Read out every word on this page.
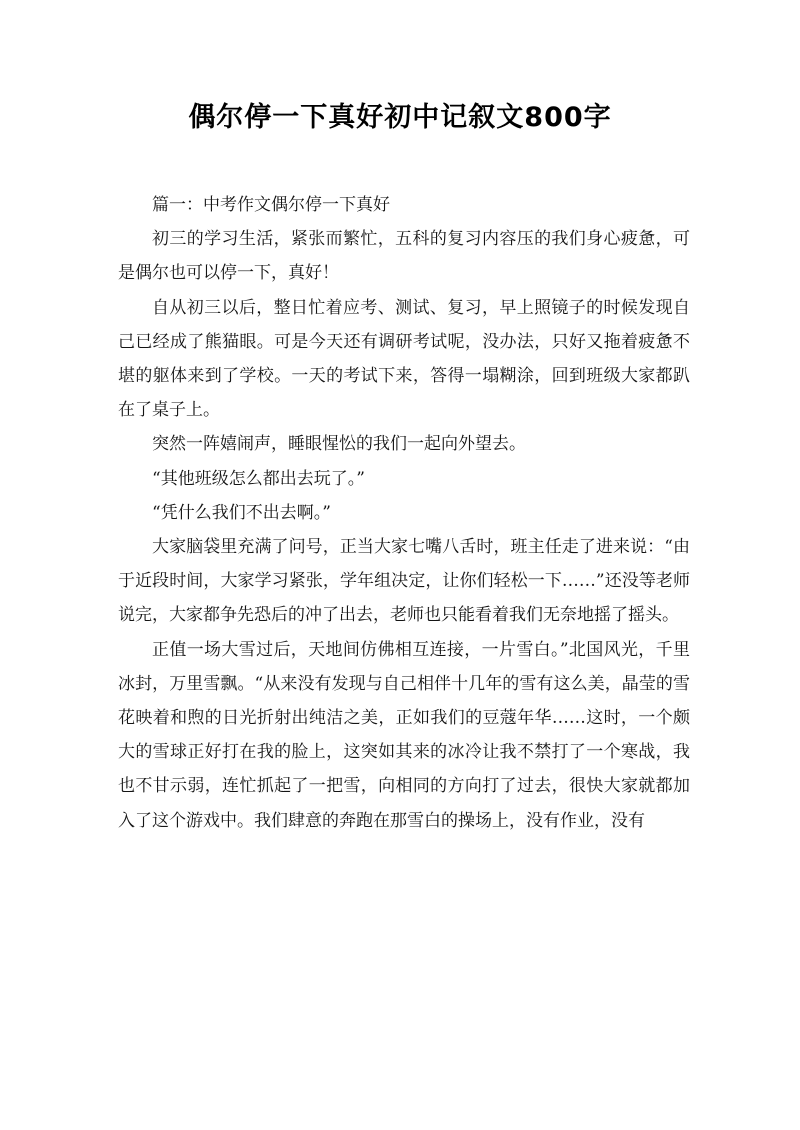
偶尔停一下真好初中记叙文800字

篇一：中考作文偶尔停一下真好

初三的学习生活，紧张而繁忙，五科的复习内容压的我们身心疲惫，可是偶尔也可以停一下，真好！

自从初三以后，整日忙着应考、测试、复习，早上照镜子的时候发现自己已经成了熊猫眼。可是今天还有调研考试呢，没办法，只好又拖着疲惫不堪的躯体来到了学校。一天的考试下来，答得一塌糊涂，回到班级大家都趴在了桌子上。

突然一阵嬉闹声，睡眼惺忪的我们一起向外望去。

“其他班级怎么都出去玩了。”

“凭什么我们不出去啊。”

大家脑袋里充满了问号，正当大家七嘴八舌时，班主任走了进来说：“由于近段时间，大家学习紧张，学年组决定，让你们轻松一下……”还没等老师说完，大家都争先恐后的冲了出去，老师也只能看着我们无奈地摇了摇头。

正值一场大雪过后，天地间仿佛相互连接，一片雪白。”北国风光，千里冰封，万里雪飘。“从来没有发现与自己相伴十几年的雪有这么美，晶莹的雪花映着和煦的日光折射出纯洁之美，正如我们的豆蔻年华……这时，一个颇大的雪球正好打在我的脸上，这突如其来的冰冷让我不禁打了一个寒战，我也不甘示弱，连忙抓起了一把雪，向相同的方向打了过去，很快大家就都加入了这个游戏中。我们肆意的奔跑在那雪白的操场上，没有作业，没有
